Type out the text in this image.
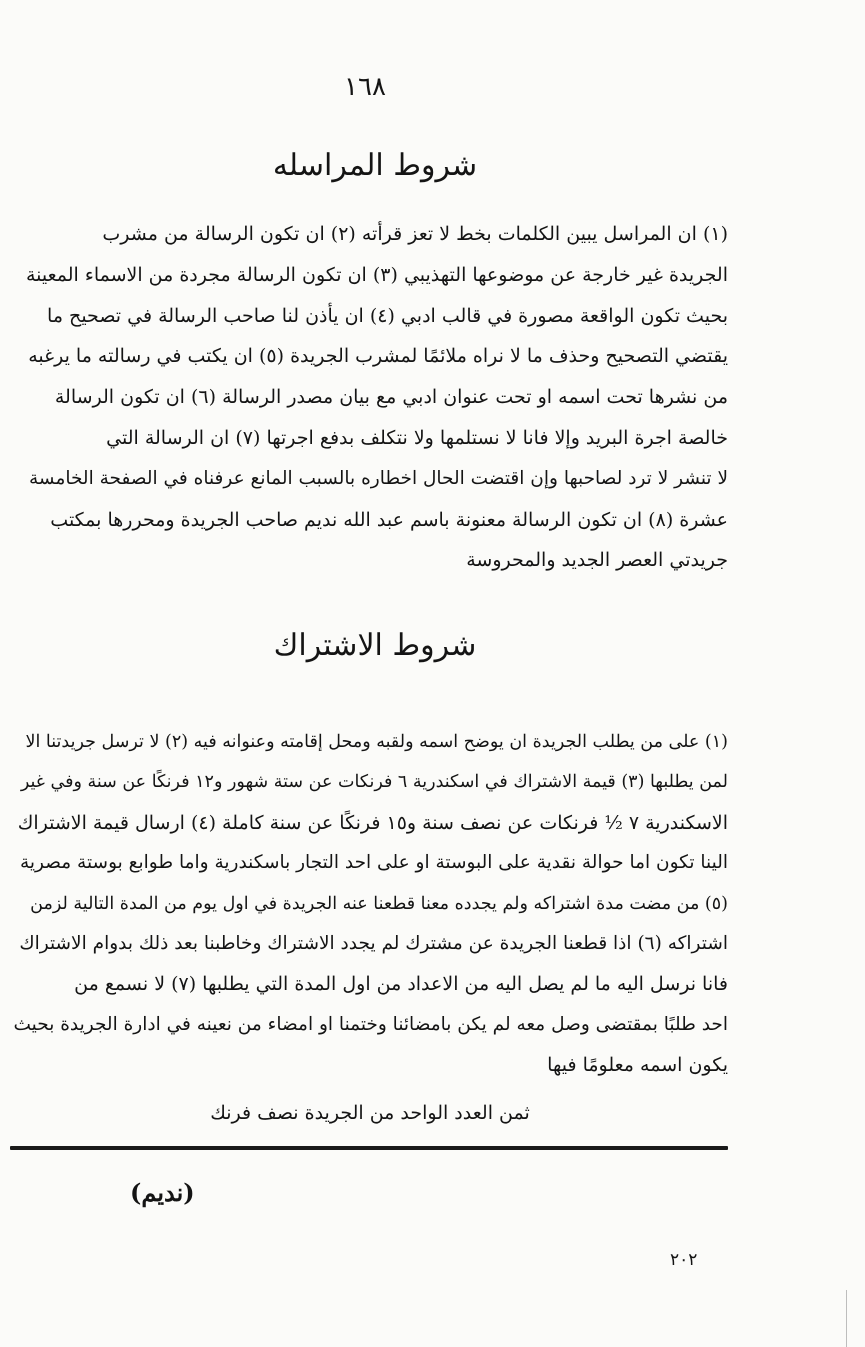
١٦٨
شروط المراسله
(١) ان المراسل يبين الكلمات بخط لا تعز قرأته (٢) ان تكون الرسالة من مشرب
الجريدة غير خارجة عن موضوعها التهذيبي (٣) ان تكون الرسالة مجردة من الاسماء المعينة
بحيث تكون الواقعة مصورة في قالب ادبي (٤) ان يأذن لنا صاحب الرسالة في تصحيح ما
يقتضي التصحيح وحذف ما لا نراه ملائمًا لمشرب الجريدة (٥) ان يكتب في رسالته ما يرغبه
من نشرها تحت اسمه او تحت عنوان ادبي مع بيان مصدر الرسالة (٦) ان تكون الرسالة
خالصة اجرة البريد وإلا فانا لا نستلمها ولا نتكلف بدفع اجرتها (٧) ان الرسالة التي
لا تنشر لا ترد لصاحبها وإن اقتضت الحال اخطاره بالسبب المانع عرفناه في الصفحة الخامسة
عشرة (٨) ان تكون الرسالة معنونة باسم عبد الله نديم صاحب الجريدة ومحررها بمكتب
جريدتي العصر الجديد والمحروسة
شروط الاشتراك
(١) على من يطلب الجريدة ان يوضح اسمه ولقبه ومحل إقامته وعنوانه فيه (٢) لا ترسل جريدتنا الا
لمن يطلبها (٣) قيمة الاشتراك في اسكندرية ٦ فرنكات عن ستة شهور و١٢ فرنكًا عن سنة وفي غير
الاسكندرية ٧ ½ فرنكات عن نصف سنة و١٥ فرنكًا عن سنة كاملة (٤) ارسال قيمة الاشتراك
الينا تكون اما حوالة نقدية على البوستة او على احد التجار باسكندرية واما طوابع بوستة مصرية
(٥) من مضت مدة اشتراكه ولم يجدده معنا قطعنا عنه الجريدة في اول يوم من المدة التالية لزمن
اشتراكه (٦) اذا قطعنا الجريدة عن مشترك لم يجدد الاشتراك وخاطبنا بعد ذلك بدوام الاشتراك
فانا نرسل اليه ما لم يصل اليه من الاعداد من اول المدة التي يطلبها (٧) لا نسمع من
احد طلبًا بمقتضى وصل معه لم يكن بامضائنا وختمنا او امضاء من نعينه في ادارة الجريدة بحيث
يكون اسمه معلومًا فيها
ثمن العدد الواحد من الجريدة نصف فرنك
(نديم)
٢٠٢
